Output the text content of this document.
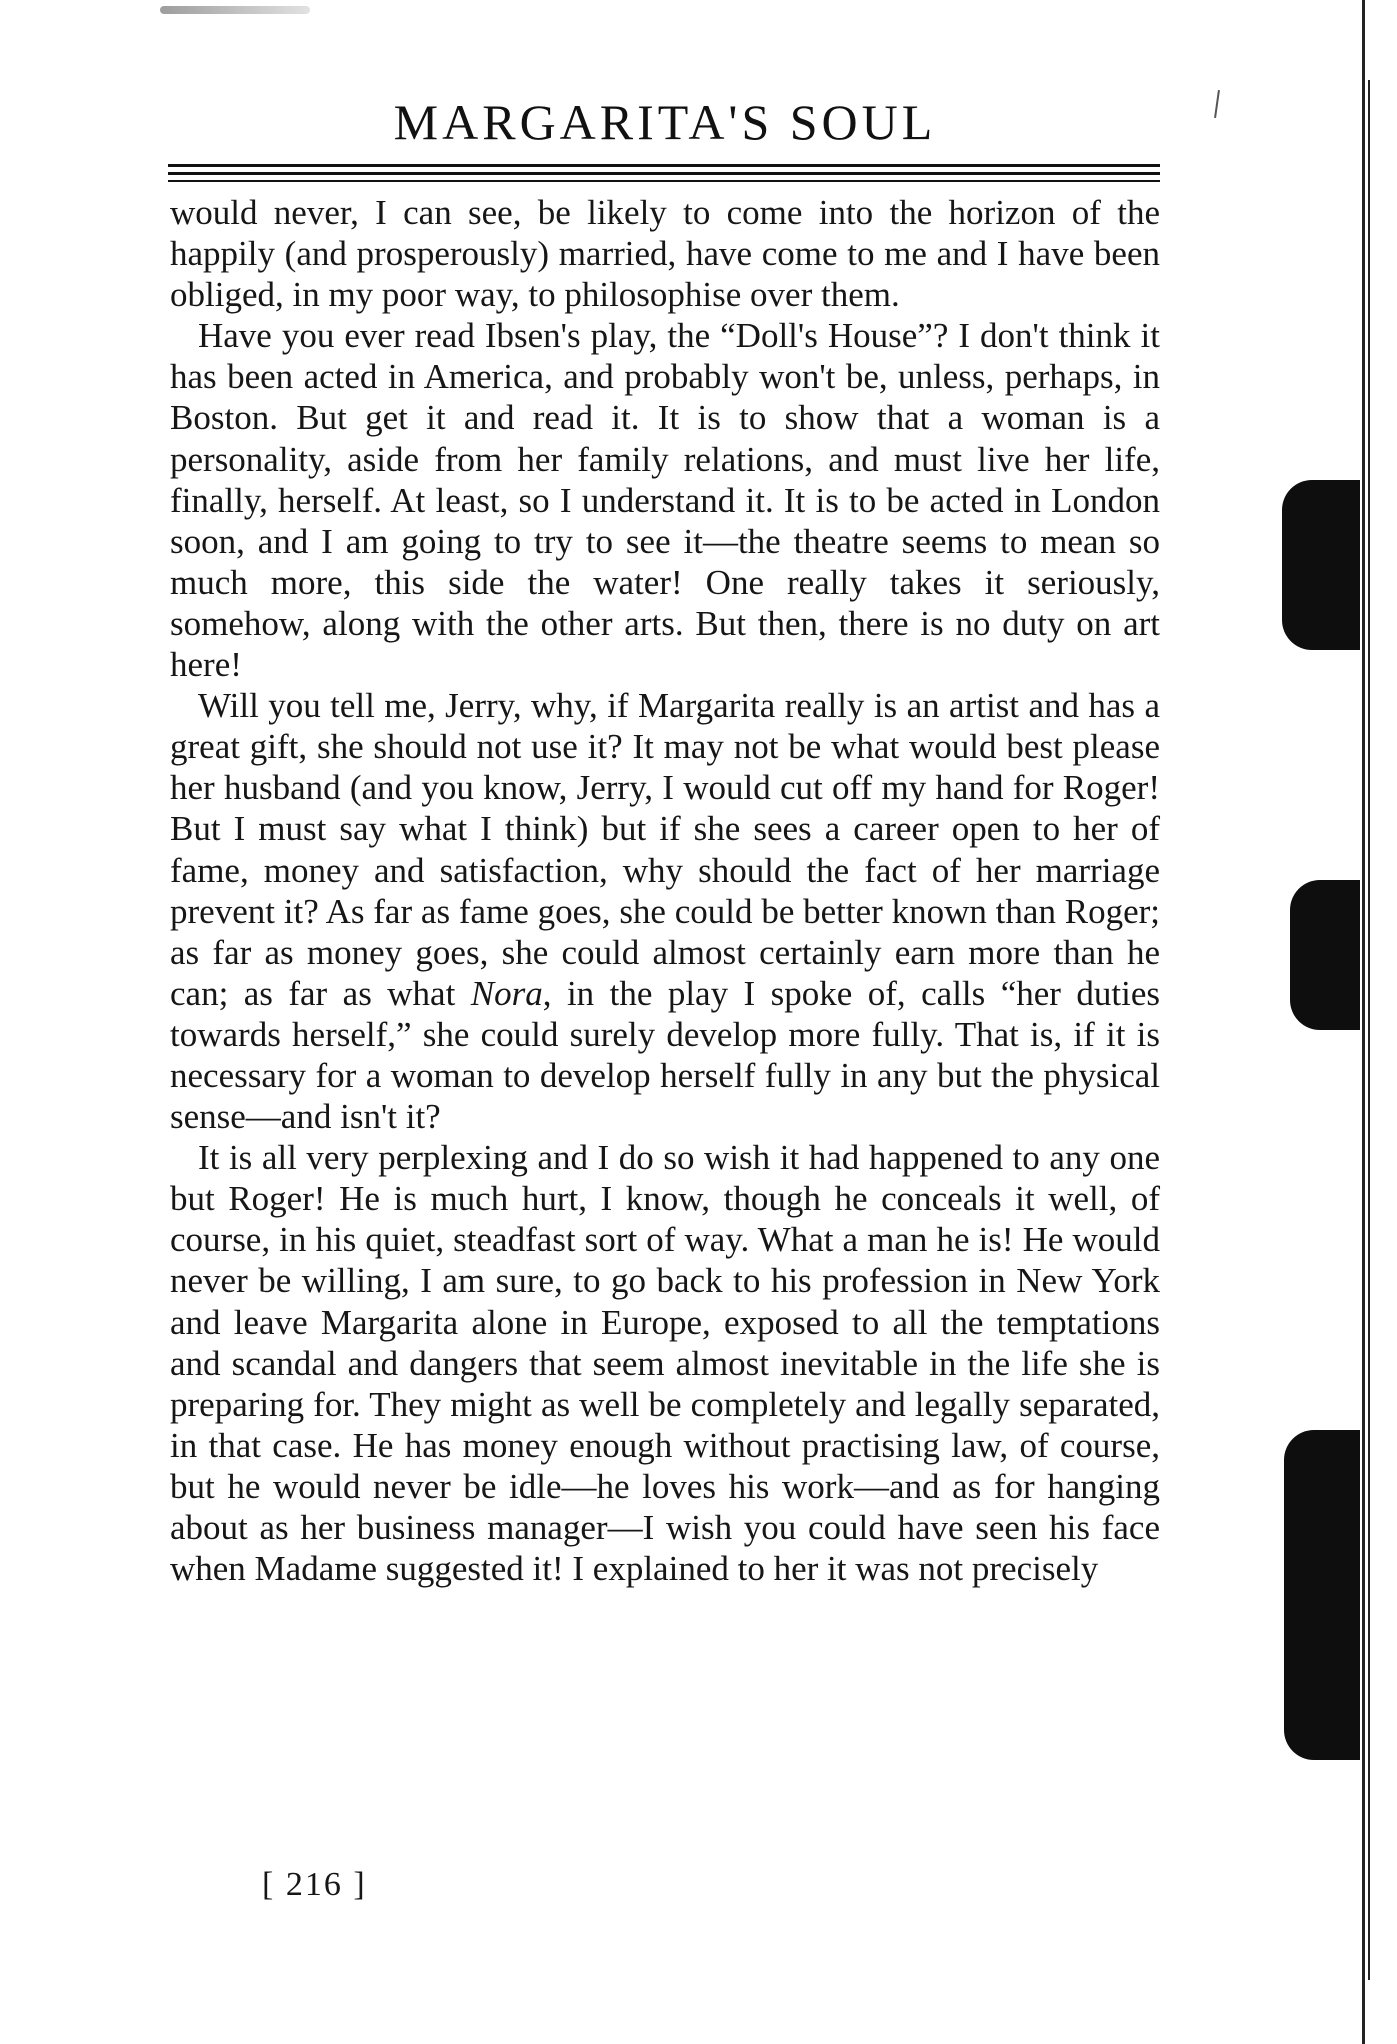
MARGARITA'S SOUL

would never, I can see, be likely to come into the horizon of the happily (and prosperously) married, have come to me and I have been obliged, in my poor way, to philosophise over them.

Have you ever read Ibsen's play, the “Doll's House”? I don't think it has been acted in America, and probably won't be, unless, perhaps, in Boston. But get it and read it. It is to show that a woman is a personality, aside from her family relations, and must live her life, finally, herself. At least, so I understand it. It is to be acted in London soon, and I am going to try to see it—the theatre seems to mean so much more, this side the water! One really takes it seriously, somehow, along with the other arts. But then, there is no duty on art here!

Will you tell me, Jerry, why, if Margarita really is an artist and has a great gift, she should not use it? It may not be what would best please her husband (and you know, Jerry, I would cut off my hand for Roger! But I must say what I think) but if she sees a career open to her of fame, money and satisfaction, why should the fact of her marriage prevent it? As far as fame goes, she could be better known than Roger; as far as money goes, she could almost certainly earn more than he can; as far as what Nora, in the play I spoke of, calls “her duties towards herself,” she could surely develop more fully. That is, if it is necessary for a woman to develop herself fully in any but the physical sense—and isn't it?

It is all very perplexing and I do so wish it had happened to any one but Roger! He is much hurt, I know, though he conceals it well, of course, in his quiet, steadfast sort of way. What a man he is! He would never be willing, I am sure, to go back to his profession in New York and leave Margarita alone in Europe, exposed to all the temptations and scandal and dangers that seem almost inevitable in the life she is preparing for. They might as well be completely and legally separated, in that case. He has money enough without practising law, of course, but he would never be idle—he loves his work—and as for hanging about as her business manager—I wish you could have seen his face when Madame suggested it! I explained to her it was not precisely

[ 216 ]
